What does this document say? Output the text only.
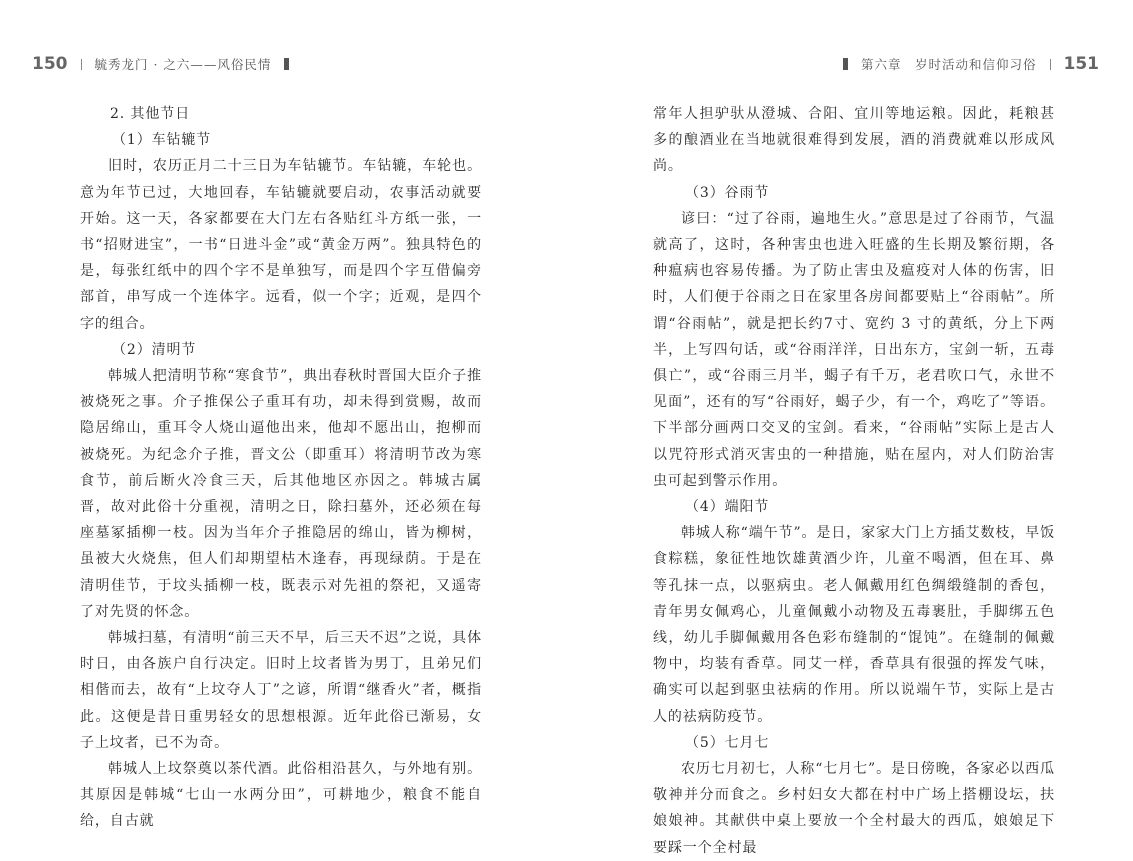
150 毓秀龙门 · 之六——风俗民情

2. 其他节日

（1）车钻辘节

旧时，农历正月二十三日为车钻辘节。车钻辘，车轮也。意为年节已过，大地回春，车钻辘就要启动，农事活动就要开始。这一天，各家都要在大门左右各贴红斗方纸一张，一书“招财进宝”，一书“日进斗金”或“黄金万两”。独具特色的是，每张红纸中的四个字不是单独写，而是四个字互借偏旁部首，串写成一个连体字。远看，似一个字；近观，是四个字的组合。

（2）清明节

韩城人把清明节称“寒食节”，典出春秋时晋国大臣介子推被烧死之事。介子推保公子重耳有功，却未得到赏赐，故而隐居绵山，重耳令人烧山逼他出来，他却不愿出山，抱柳而被烧死。为纪念介子推，晋文公（即重耳）将清明节改为寒食节，前后断火冷食三天，后其他地区亦因之。韩城古属晋，故对此俗十分重视，清明之日，除扫墓外，还必须在每座墓冢插柳一枝。因为当年介子推隐居的绵山，皆为柳树，虽被大火烧焦，但人们却期望枯木逢春，再现绿荫。于是在清明佳节，于坟头插柳一枝，既表示对先祖的祭祀，又遥寄了对先贤的怀念。

韩城扫墓，有清明“前三天不早，后三天不迟”之说，具体时日，由各族户自行决定。旧时上坟者皆为男丁，且弟兄们相偕而去，故有“上坟夺人丁”之谚，所谓“继香火”者，概指此。这便是昔日重男轻女的思想根源。近年此俗已渐易，女子上坟者，已不为奇。

韩城人上坟祭奠以茶代酒。此俗相沿甚久，与外地有别。其原因是韩城“七山一水两分田”，可耕地少，粮食不能自给，自古就

第六章　岁时活动和信仰习俗 151

常年人担驴驮从澄城、合阳、宜川等地运粮。因此，耗粮甚多的酿酒业在当地就很难得到发展，酒的消费就难以形成风尚。

（3）谷雨节

谚曰：“过了谷雨，遍地生火。”意思是过了谷雨节，气温就高了，这时，各种害虫也进入旺盛的生长期及繁衍期，各种瘟病也容易传播。为了防止害虫及瘟疫对人体的伤害，旧时，人们便于谷雨之日在家里各房间都要贴上“谷雨帖”。所谓“谷雨帖”，就是把长约7寸、宽约 3 寸的黄纸，分上下两半，上写四句话，或“谷雨洋洋，日出东方，宝剑一斩，五毒俱亡”，或“谷雨三月半，蝎子有千万，老君吹口气，永世不见面”，还有的写“谷雨好，蝎子少，有一个，鸡吃了”等语。下半部分画两口交叉的宝剑。看来，“谷雨帖”实际上是古人以咒符形式消灭害虫的一种措施，贴在屋内，对人们防治害虫可起到警示作用。

（4）端阳节

韩城人称“端午节”。是日，家家大门上方插艾数枝，早饭食粽糕，象征性地饮雄黄酒少许，儿童不喝酒，但在耳、鼻等孔抹一点，以驱病虫。老人佩戴用红色绸缎缝制的香包，青年男女佩鸡心，儿童佩戴小动物及五毒裹肚，手脚绑五色线，幼儿手脚佩戴用各色彩布缝制的“馄饨”。在缝制的佩戴物中，均装有香草。同艾一样，香草具有很强的挥发气味，确实可以起到驱虫祛病的作用。所以说端午节，实际上是古人的祛病防疫节。

（5）七月七

农历七月初七，人称“七月七”。是日傍晚，各家必以西瓜敬神并分而食之。乡村妇女大都在村中广场上搭棚设坛，扶娘娘神。其献供中桌上要放一个全村最大的西瓜，娘娘足下要踩一个全村最
